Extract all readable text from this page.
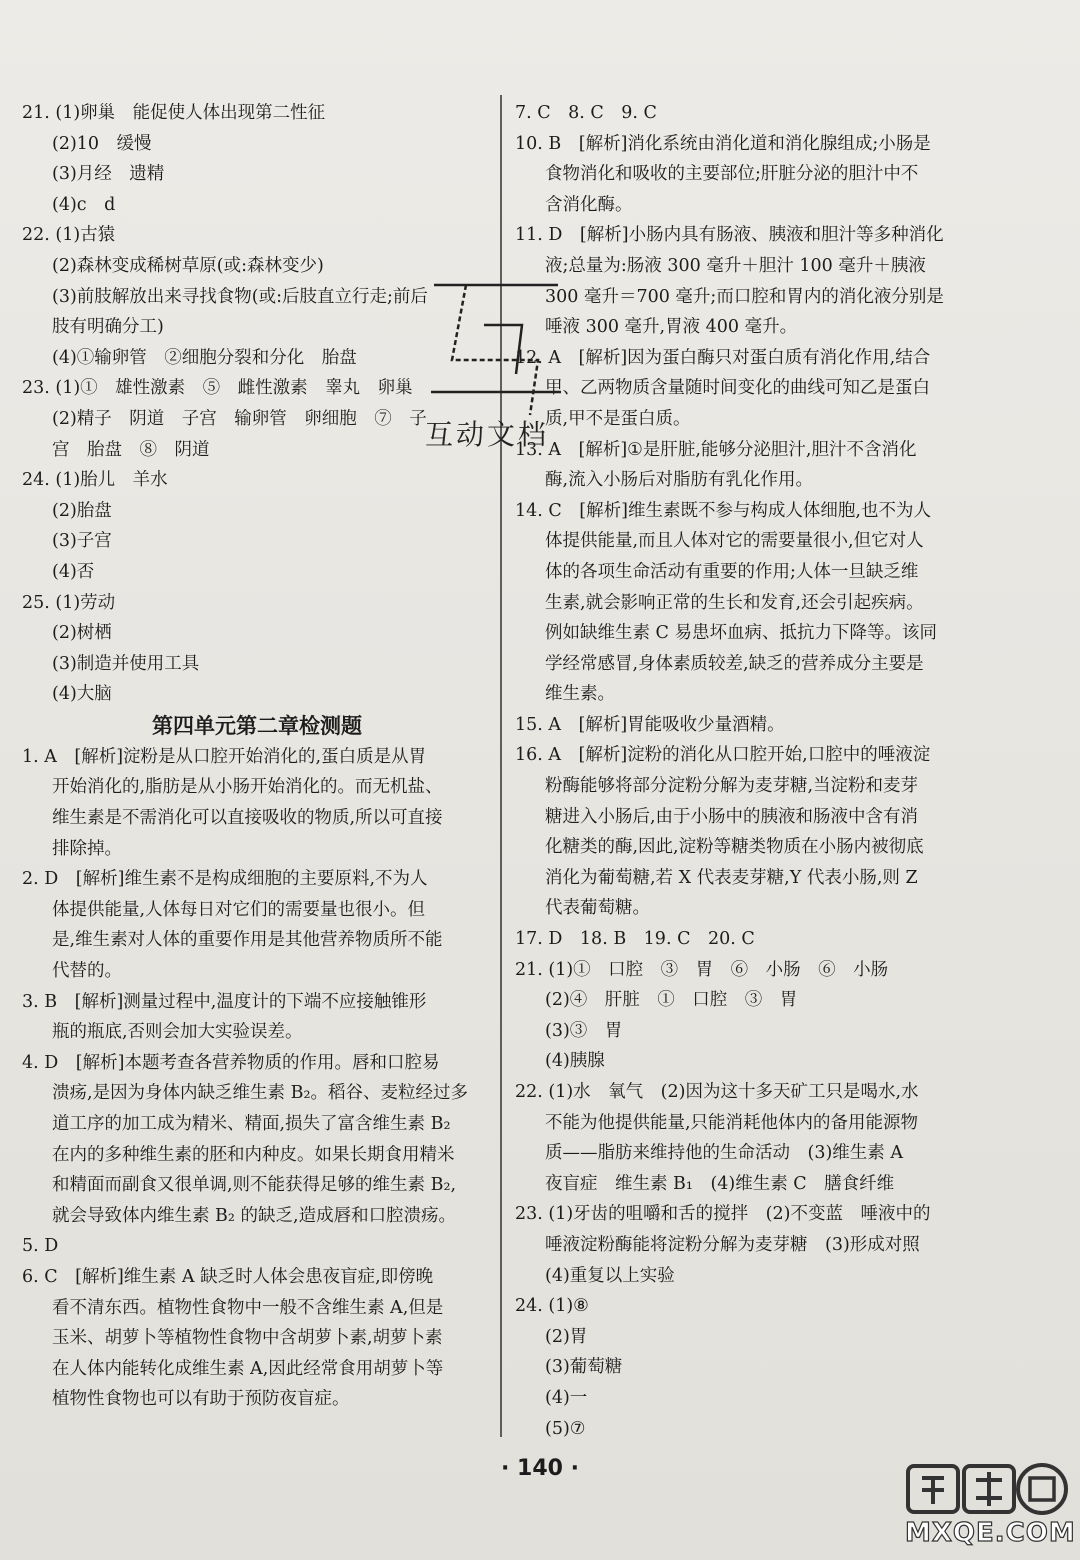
21. (1)卵巢　能促使人体出现第二性征
(2)10　缓慢
(3)月经　遗精
(4)c　d
22. (1)古猿
(2)森林变成稀树草原(或:森林变少)
(3)前肢解放出来寻找食物(或:后肢直立行走;前后
肢有明确分工)
(4)①输卵管　②细胞分裂和分化　胎盘
23. (1)①　雄性激素　⑤　雌性激素　睾丸　卵巢
(2)精子　阴道　子宫　输卵管　卵细胞　⑦　子
宫　胎盘　⑧　阴道
24. (1)胎儿　羊水
(2)胎盘
(3)子宫
(4)否
25. (1)劳动
(2)树栖
(3)制造并使用工具
(4)大脑
第四单元第二章检测题
1. A　[解析]淀粉是从口腔开始消化的,蛋白质是从胃
开始消化的,脂肪是从小肠开始消化的。而无机盐、
维生素是不需消化可以直接吸收的物质,所以可直接
排除掉。
2. D　[解析]维生素不是构成细胞的主要原料,不为人
体提供能量,人体每日对它们的需要量也很小。但
是,维生素对人体的重要作用是其他营养物质所不能
代替的。
3. B　[解析]测量过程中,温度计的下端不应接触锥形
瓶的瓶底,否则会加大实验误差。
4. D　[解析]本题考查各营养物质的作用。唇和口腔易
溃疡,是因为身体内缺乏维生素 B₂。稻谷、麦粒经过多
道工序的加工成为精米、精面,损失了富含维生素 B₂
在内的多种维生素的胚和内种皮。如果长期食用精米
和精面而副食又很单调,则不能获得足够的维生素 B₂,
就会导致体内维生素 B₂ 的缺乏,造成唇和口腔溃疡。
5. D
6. C　[解析]维生素 A 缺乏时人体会患夜盲症,即傍晚
看不清东西。植物性食物中一般不含维生素 A,但是
玉米、胡萝卜等植物性食物中含胡萝卜素,胡萝卜素
在人体内能转化成维生素 A,因此经常食用胡萝卜等
植物性食物也可以有助于预防夜盲症。
7. C　8. C　9. C
10. B　[解析]消化系统由消化道和消化腺组成;小肠是
食物消化和吸收的主要部位;肝脏分泌的胆汁中不
含消化酶。
11. D　[解析]小肠内具有肠液、胰液和胆汁等多种消化
液;总量为:肠液 300 毫升＋胆汁 100 毫升＋胰液
300 毫升＝700 毫升;而口腔和胃内的消化液分别是
唾液 300 毫升,胃液 400 毫升。
12. A　[解析]因为蛋白酶只对蛋白质有消化作用,结合
甲、乙两物质含量随时间变化的曲线可知乙是蛋白
质,甲不是蛋白质。
13. A　[解析]①是肝脏,能够分泌胆汁,胆汁不含消化
酶,流入小肠后对脂肪有乳化作用。
14. C　[解析]维生素既不参与构成人体细胞,也不为人
体提供能量,而且人体对它的需要量很小,但它对人
体的各项生命活动有重要的作用;人体一旦缺乏维
生素,就会影响正常的生长和发育,还会引起疾病。
例如缺维生素 C 易患坏血病、抵抗力下降等。该同
学经常感冒,身体素质较差,缺乏的营养成分主要是
维生素。
15. A　[解析]胃能吸收少量酒精。
16. A　[解析]淀粉的消化从口腔开始,口腔中的唾液淀
粉酶能够将部分淀粉分解为麦芽糖,当淀粉和麦芽
糖进入小肠后,由于小肠中的胰液和肠液中含有消
化糖类的酶,因此,淀粉等糖类物质在小肠内被彻底
消化为葡萄糖,若 X 代表麦芽糖,Y 代表小肠,则 Z
代表葡萄糖。
17. D　18. B　19. C　20. C
21. (1)①　口腔　③　胃　⑥　小肠　⑥　小肠
(2)④　肝脏　①　口腔　③　胃
(3)③　胃
(4)胰腺
22. (1)水　氧气　(2)因为这十多天矿工只是喝水,水
不能为他提供能量,只能消耗他体内的备用能源物
质——脂肪来维持他的生命活动　(3)维生素 A
夜盲症　维生素 B₁　(4)维生素 C　膳食纤维
23. (1)牙齿的咀嚼和舌的搅拌　(2)不变蓝　唾液中的
唾液淀粉酶能将淀粉分解为麦芽糖　(3)形成对照
(4)重复以上实验
24. (1)⑧
(2)胃
(3)葡萄糖
(4)一
(5)⑦
互动文档
· 140 ·
MXQE.COM
